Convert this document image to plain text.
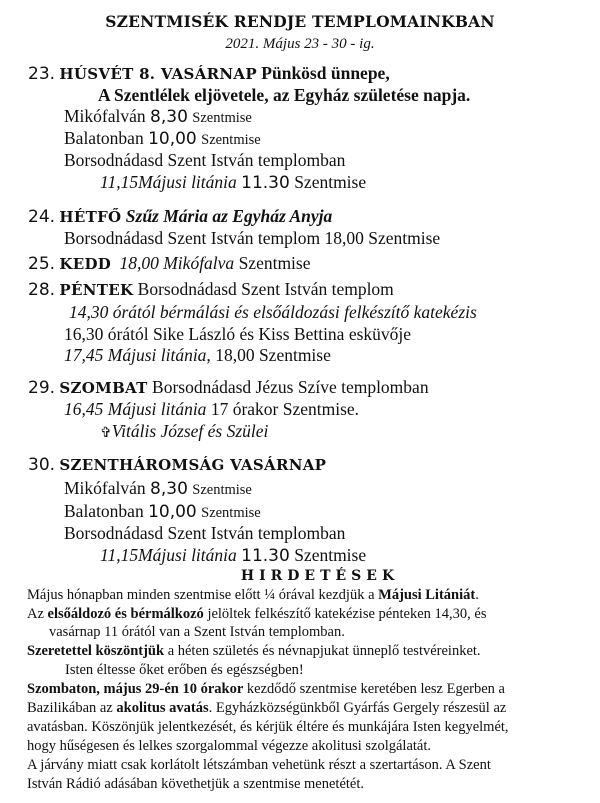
SZENTMISÉK RENDJE TEMPLOMAINKBAN
2021. Május 23 - 30 - ig.
23. HÚSVÉT 8. VASÁRNAP Pünkösd ünnepe,
A Szentlélek eljövetele, az Egyház születése napja.
Mikófalván 8,30 Szentmise
Balatonban 10,00 Szentmise
Borsodnádasd Szent István templomban
11,15Májusi litánia 11.30 Szentmise
24. HÉTFŐ Szűz Mária az Egyház Anyja
Borsodnádasd Szent István templom 18,00 Szentmise
25. KEDD 18,00 Mikófalva Szentmise
28. PÉNTEK Borsodnádasd Szent István templom
14,30 órától bérmálási és elsőáldozási felkészítő katekézis
16,30 órától Sike László és Kiss Bettina esküvője
17,45 Májusi litánia, 18,00 Szentmise
29. SZOMBAT Borsodnádasd Jézus Szíve templomban
16,45 Májusi litánia 17 órakor Szentmise.
✞Vitális József és Szülei
30. SZENTHÁROMSÁG VASÁRNAP
Mikófalván 8,30 Szentmise
Balatonban 10,00 Szentmise
Borsodnádasd Szent István templomban
11,15Májusi litánia 11.30 Szentmise
HIRDETÉSEK
Május hónapban minden szentmise előtt ¼ órával kezdjük a Májusi Litániát.
Az elsőáldozó és bérmálkozó jelöltek felkészítő katekézise pénteken 14,30, és
vasárnap 11 órától van a Szent István templomban.
Szeretettel köszöntjük a héten születés és névnapjukat ünneplő testvéreinket.
Isten éltesse őket erőben és egészségben!
Szombaton, május 29-én 10 órakor kezdődő szentmise keretében lesz Egerben a
Bazilikában az akolitus avatás. Egyházközségünkből Gyárfás Gergely részesül az
avatásban. Köszönjük jelentkezését, és kérjük éltére és munkájára Isten kegyelmét,
hogy hűségesen és lelkes szorgalommal végezze akolitusi szolgálatát.
A járvány miatt csak korlátolt létszámban vehetünk részt a szertartáson. A Szent
István Rádió adásában követhetjük a szentmise menetétét.
